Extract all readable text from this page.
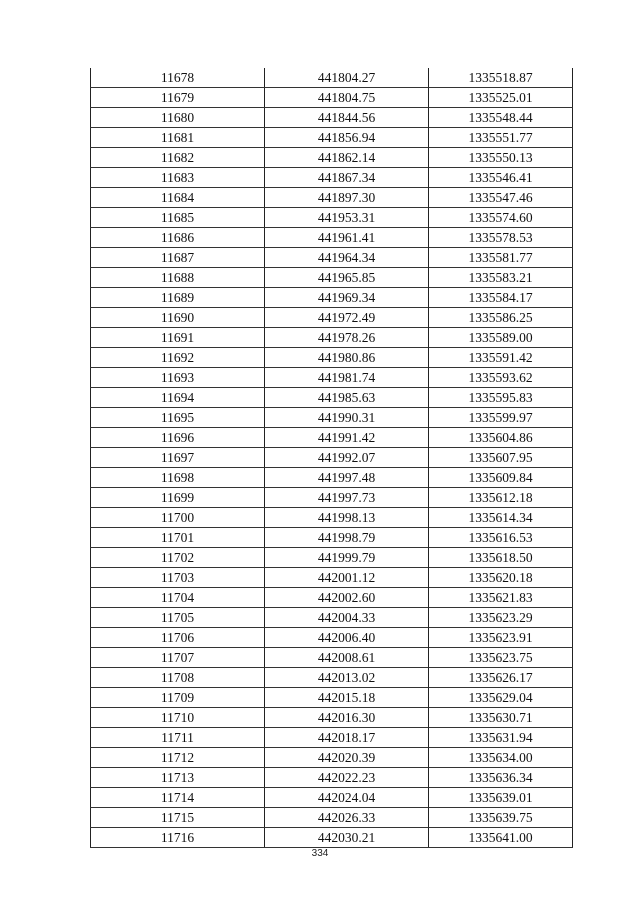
11678	441804.27	1335518.87
11679	441804.75	1335525.01
11680	441844.56	1335548.44
11681	441856.94	1335551.77
11682	441862.14	1335550.13
11683	441867.34	1335546.41
11684	441897.30	1335547.46
11685	441953.31	1335574.60
11686	441961.41	1335578.53
11687	441964.34	1335581.77
11688	441965.85	1335583.21
11689	441969.34	1335584.17
11690	441972.49	1335586.25
11691	441978.26	1335589.00
11692	441980.86	1335591.42
11693	441981.74	1335593.62
11694	441985.63	1335595.83
11695	441990.31	1335599.97
11696	441991.42	1335604.86
11697	441992.07	1335607.95
11698	441997.48	1335609.84
11699	441997.73	1335612.18
11700	441998.13	1335614.34
11701	441998.79	1335616.53
11702	441999.79	1335618.50
11703	442001.12	1335620.18
11704	442002.60	1335621.83
11705	442004.33	1335623.29
11706	442006.40	1335623.91
11707	442008.61	1335623.75
11708	442013.02	1335626.17
11709	442015.18	1335629.04
11710	442016.30	1335630.71
11711	442018.17	1335631.94
11712	442020.39	1335634.00
11713	442022.23	1335636.34
11714	442024.04	1335639.01
11715	442026.33	1335639.75
11716	442030.21	1335641.00
334
